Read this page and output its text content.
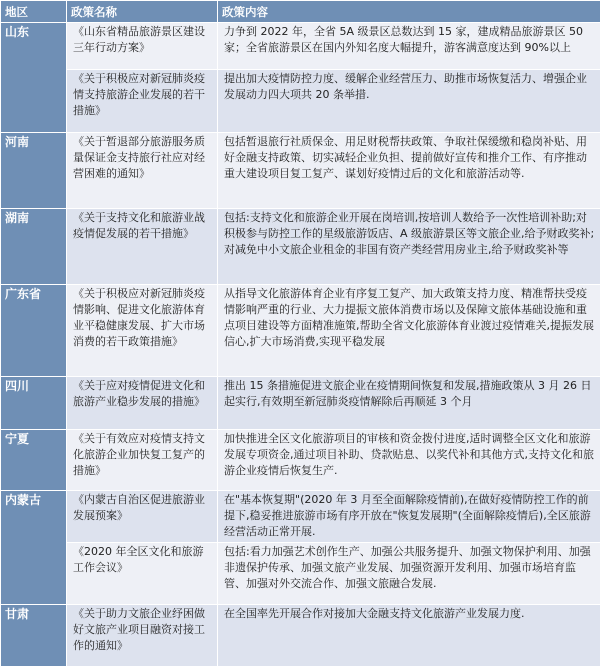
地区	政策名称	政策内容
山东	《山东省精品旅游景区建设三年行动方案》	力争到 2022 年，全省 5A 级景区总数达到 15 家，建成精品旅游景区 50 家；全省旅游景区在国内外知名度大幅提升，游客满意度达到 90%以上
	《关于积极应对新冠肺炎疫情支持旅游企业发展的若干措施》	提出加大疫情防控力度、缓解企业经营压力、助推市场恢复活力、增强企业发展动力四大项共 20 条举措.
河南	《关于暂退部分旅游服务质量保证金支持旅行社应对经营困难的通知》	包括暂退旅行社质保金、用足财税帮扶政策、争取社保缓缴和稳岗补贴、用好金融支持政策、切实减轻企业负担、提前做好宣传和推介工作、有序推动重大建设项目复工复产、谋划好疫情过后的文化和旅游活动等.
湖南	《关于支持文化和旅游业战疫情促发展的若干措施》	包括:支持文化和旅游企业开展在岗培训,按培训人数给予一次性培训补助;对积极参与防控工作的星级旅游饭店、A 级旅游景区等文旅企业,给予财政奖补;对减免中小文旅企业租金的非国有资产类经营用房业主,给予财政奖补等
广东省	《关于积极应对新冠肺炎疫情影响、促进文化旅游体育业平稳健康发展、扩大市场消费的若干政策措施》	从指导文化旅游体育企业有序复工复产、加大政策支持力度、精准帮扶受疫情影响严重的行业、大力提振文旅体消费市场以及保障文旅体基础设施和重点项目建设等方面精准施策,帮助全省文化旅游体育业渡过疫情难关,提振发展信心,扩大市场消费,实现平稳发展
四川	《关于应对疫情促进文化和旅游产业稳步发展的措施》	推出 15 条措施促进文旅企业在疫情期间恢复和发展,措施政策从 3 月 26 日起实行,有效期至新冠肺炎疫情解除后再顺延 3 个月
宁夏	《关于有效应对疫情支持文化旅游企业加快复工复产的措施》	加快推进全区文化旅游项目的审核和资金拨付进度,适时调整全区文化和旅游发展专项资金,通过项目补助、贷款贴息、以奖代补和其他方式,支持文化和旅游企业疫情后恢复生产.
内蒙古	《内蒙古自治区促进旅游业发展预案》	在"基本恢复期"(2020 年 3 月至全面解除疫情前),在做好疫情防控工作的前提下,稳妥推进旅游市场有序开放在"恢复发展期"(全面解除疫情后),全区旅游经营活动正常开展.
	《2020 年全区文化和旅游工作会议》	包括:看力加强艺术创作生产、加强公共服务提升、加强文物保护利用、加强非遗保护传承、加强文旅产业发展、加强资源开发利用、加强市场培育监管、加强对外交流合作、加强文旅融合发展.
甘肃	《关于助力文旅企业纾困做好文旅产业项目融资对接工作的通知》	在全国率先开展合作对接加大金融支持文化旅游产业发展力度.
